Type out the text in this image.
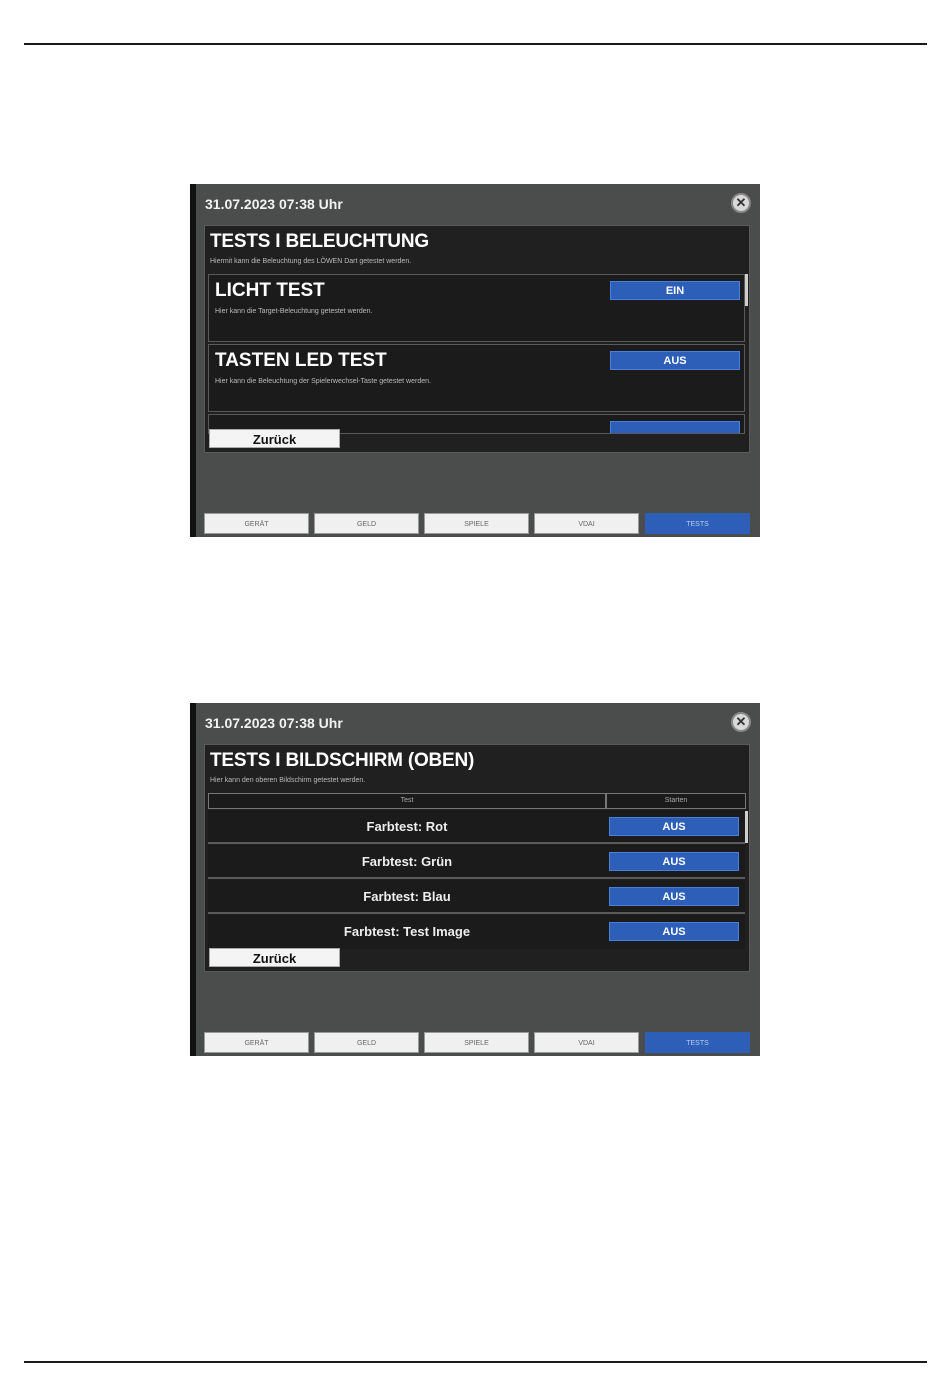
31.07.2023 07:38 Uhr	✕
TESTS I BELEUCHTUNG
Hiermit kann die Beleuchtung des LÖWEN Dart getestet werden.
LICHT TEST
Hier kann die Target-Beleuchtung getestet werden.
EIN
TASTEN LED TEST
Hier kann die Beleuchtung der Spielerwechsel-Taste getestet werden.
AUS
Zurück
GERÄT	GELD	SPIELE	VDAI	TESTS
31.07.2023 07:38 Uhr	✕
TESTS I BILDSCHIRM (OBEN)
Hier kann den oberen Bildschirm getestet werden.
Test	Starten
Farbtest: Rot	AUS
Farbtest: Grün	AUS
Farbtest: Blau	AUS
Farbtest: Test Image	AUS
Zurück
GERÄT	GELD	SPIELE	VDAI	TESTS
